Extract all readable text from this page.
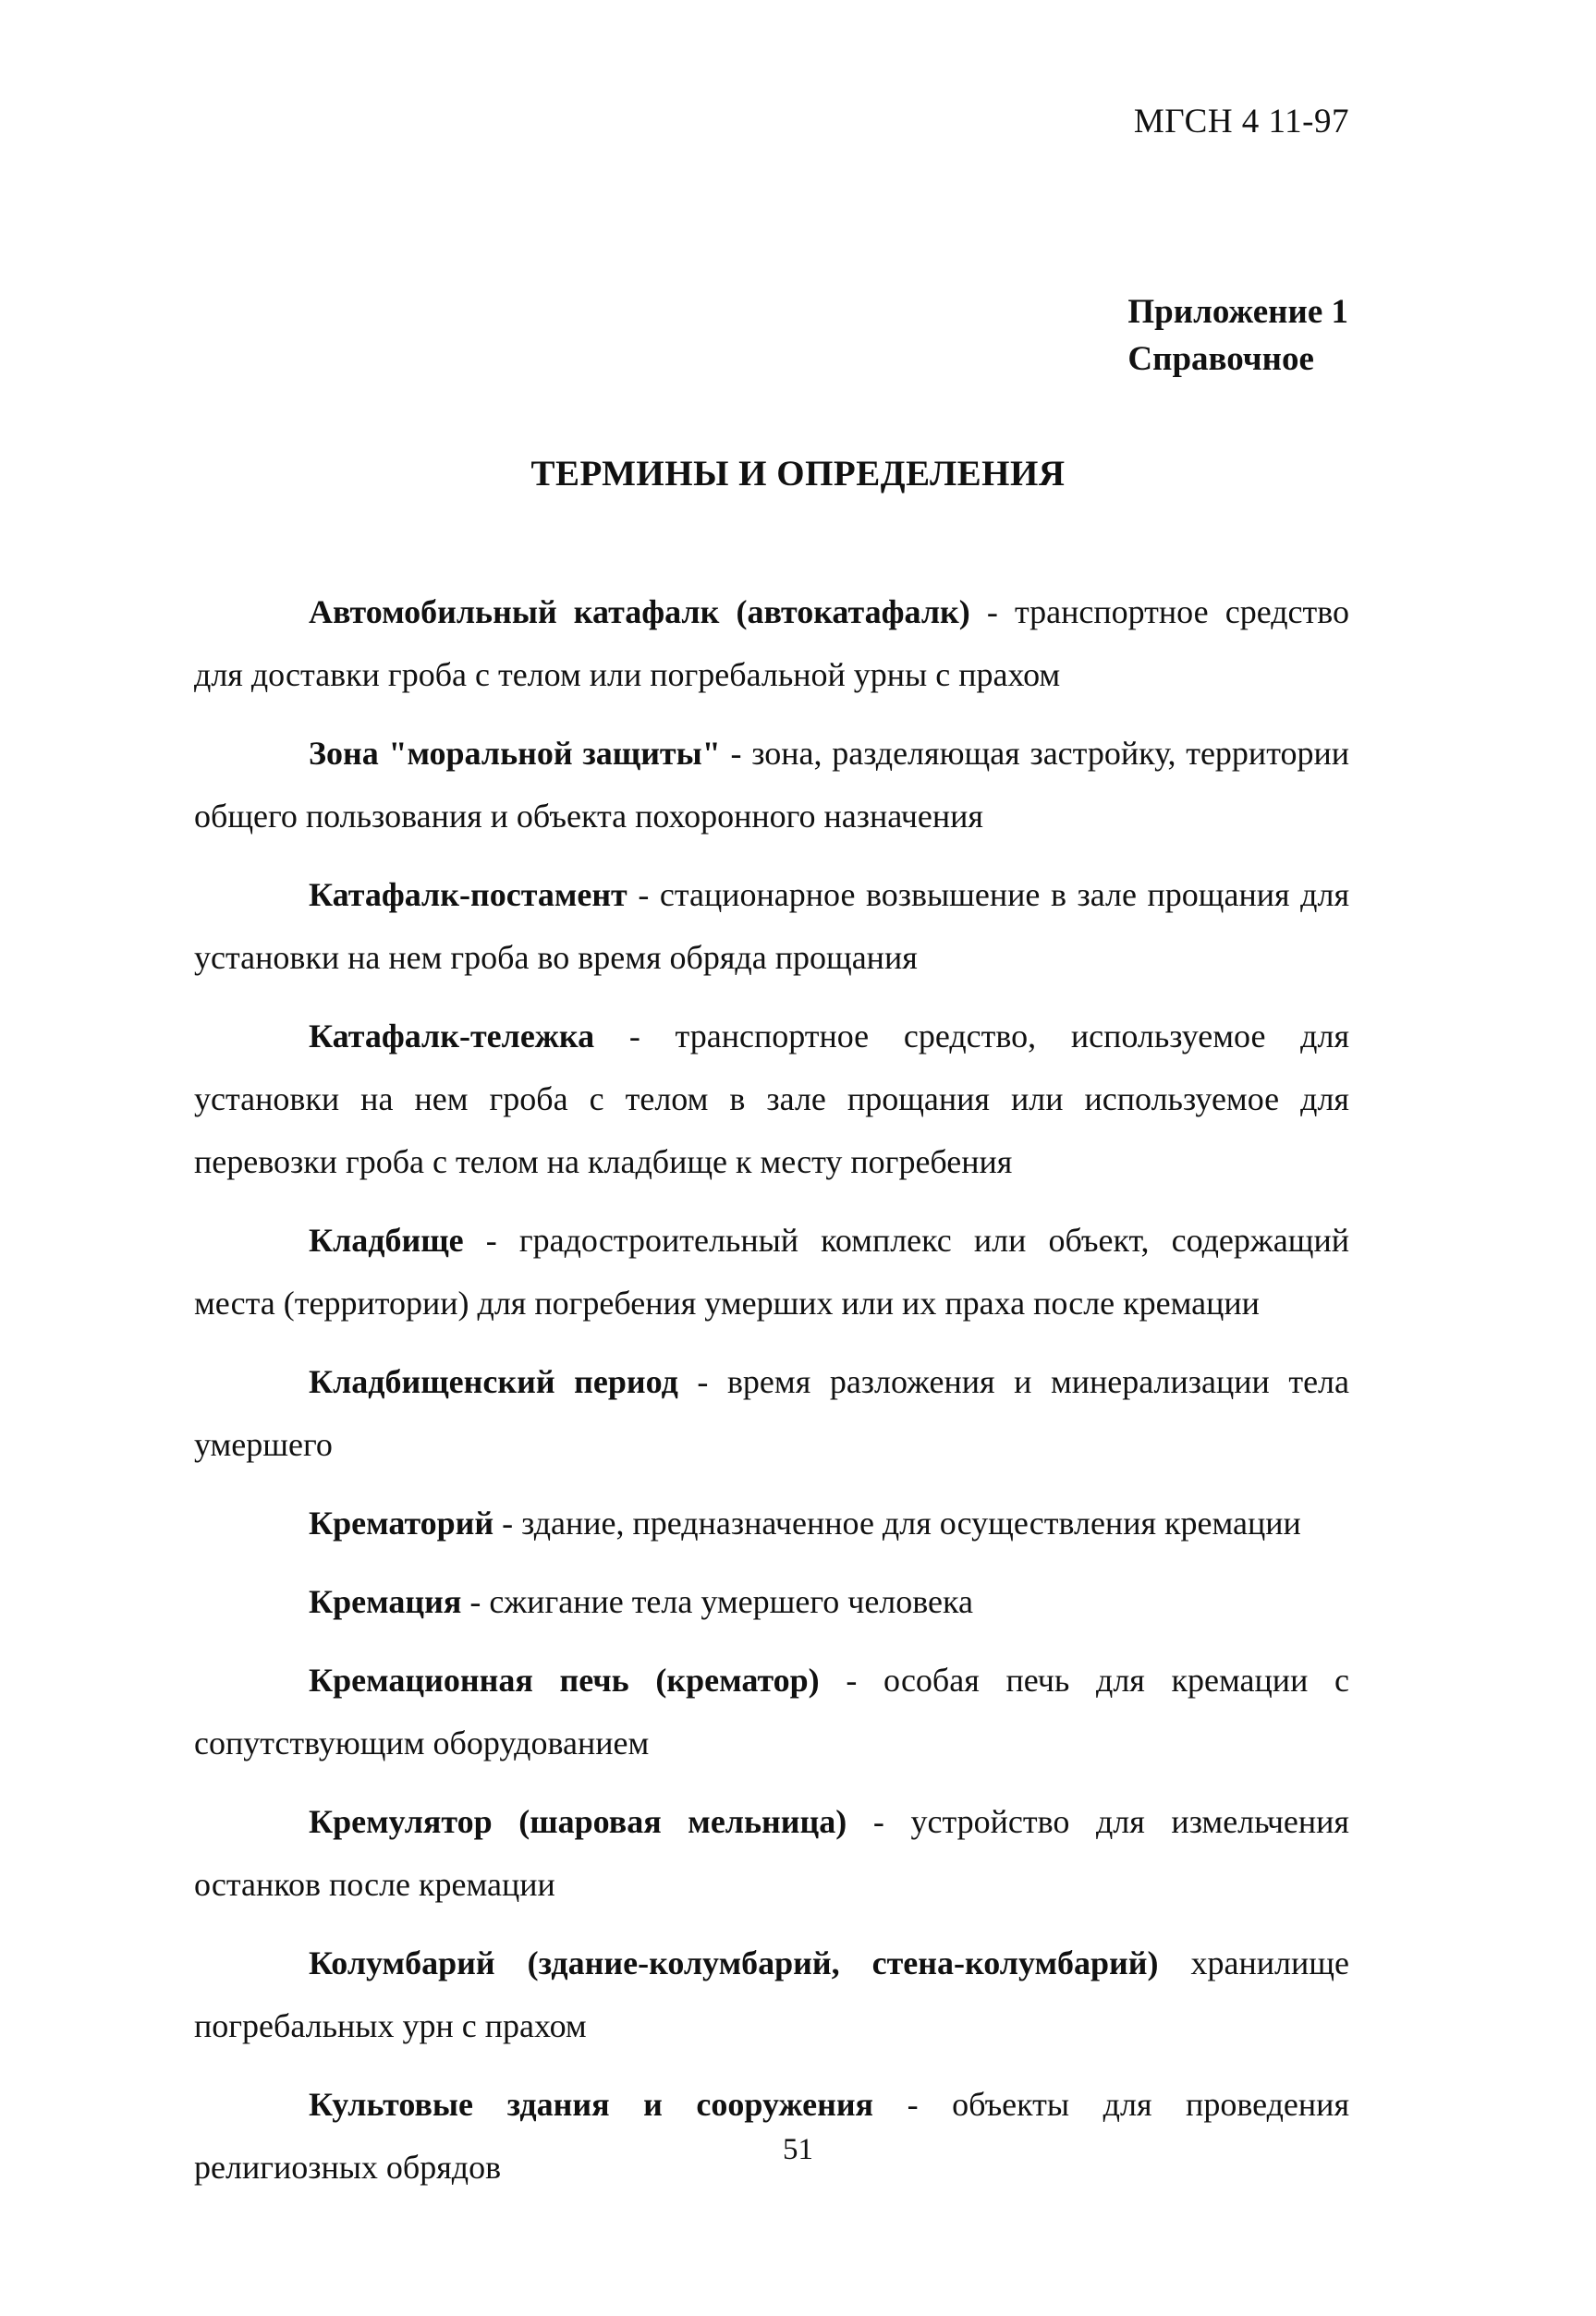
МГСН 4 11-97
Приложение 1
Справочное
ТЕРМИНЫ И ОПРЕДЕЛЕНИЯ
Автомобильный катафалк (автокатафалк) - транспортное средство для доставки гроба с телом или погребальной урны с прахом
Зона "моральной защиты" - зона, разделяющая застройку, территории общего пользования и объекта похоронного назначения
Катафалк-постамент - стационарное возвышение в зале прощания для установки на нем гроба во время обряда прощания
Катафалк-тележка - транспортное средство, используемое для установки на нем гроба с телом в зале прощания или используемое для перевозки гроба с телом на кладбище к месту погребения
Кладбище - градостроительный комплекс или объект, содержащий места (территории) для погребения умерших или их праха после кремации
Кладбищенский период - время разложения и минерализации тела умершего
Крематорий - здание, предназначенное для осуществления кремации
Кремация - сжигание тела умершего человека
Кремационная печь (крематор) - особая печь для кремации с сопутствующим оборудованием
Кремулятор (шаровая мельница) - устройство для измельчения останков после кремации
Колумбарий (здание-колумбарий, стена-колумбарий) хранилище погребальных урн с прахом
Культовые здания и сооружения - объекты для проведения религиозных обрядов	51
